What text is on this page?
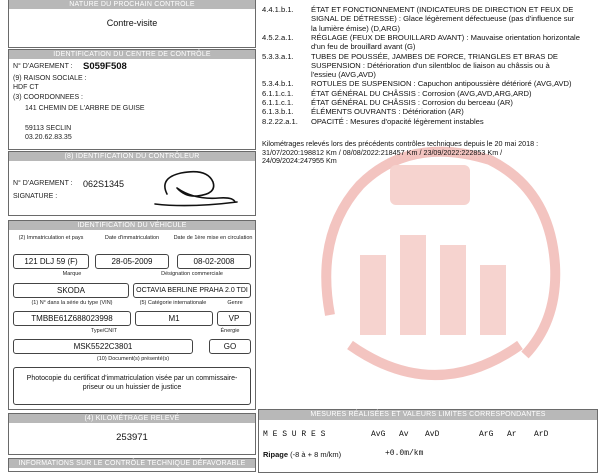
NATURE DU PROCHAIN CONTRÔLE
Contre-visite
IDENTIFICATION DU CENTRE DE CONTRÔLE
N° D'AGREMENT : S059F508
(9) RAISON SOCIALE :
HDF CT
(3) COORDONNEES :
141 CHEMIN DE L'ARBRE DE GUISE
59113 SECLIN
03.20.62.83.35
(8) IDENTIFICATION DU CONTRÔLEUR
N° D'AGREMENT : 062S1345
SIGNATURE :
IDENTIFICATION DU VÉHICULE
(2) Immatriculation et pays	Date d'immatriculation	Date de 1ère mise en circulation
121 DLJ 59 (F)	28-05-2009	08-02-2008
Marque	Désignation commerciale
SKODA	OCTAVIA BERLINE PRAHA 2.0 TDI
(1) N° dans la série du type (VIN)	(5) Catégorie internationale	Genre
TMBBE61Z688023998	M1	VP
Type/CNIT	Énergie
MSK5522C3801	GO
(10) Document(s) présenté(s)
Photocopie du certificat d'immatriculation visée par un commissaire-priseur ou un huissier de justice
(4) KILOMÉTRAGE RELEVÉ
253971
INFORMATIONS SUR LE CONTRÔLE TECHNIQUE DÉFAVORABLE
4.4.1.b.1.	ÉTAT ET FONCTIONNEMENT (INDICATEURS DE DIRECTION ET FEUX DE
SIGNAL DE DÉTRESSE) : Glace légèrement défectueuse (pas d'influence sur
la lumière émise) (D,ARG)
4.5.2.a.1.	RÉGLAGE (FEUX DE BROUILLARD AVANT) : Mauvaise orientation horizontale
d'un feu de brouillard avant (G)
5.3.3.a.1.	TUBES DE POUSSÉE, JAMBES DE FORCE, TRIANGLES ET BRAS DE
SUSPENSION : Détérioration d'un silentbloc de liaison au châssis ou à
l'essieu (AVG,AVD)
5.3.4.b.1.	ROTULES DE SUSPENSION : Capuchon antipoussière détérioré (AVG,AVD)
6.1.1.c.1.	ÉTAT GÉNÉRAL DU CHÂSSIS : Corrosion (AVG,AVD,ARG,ARD)
6.1.1.c.1.	ÉTAT GÉNÉRAL DU CHÂSSIS : Corrosion du berceau (AR)
6.1.3.b.1.	ÉLÉMENTS OUVRANTS : Détérioration (AR)
8.2.22.a.1.	OPACITÉ : Mesures d'opacité légèrement instables
Kilométrages relevés lors des précédents contrôles techniques depuis le 20 mai 2018 :
31/07/2020:198812 Km / 08/08/2022:218457 Km / 23/09/2022:222853 Km /
24/09/2024:247955 Km
MESURES RÉALISÉES ET VALEURS LIMITES CORRESPONDANTES
M E S U R E S	AvG Av AvD	ArG Ar ArD
Ripage (-8 à + 8 m/km)	+0.0m/km
